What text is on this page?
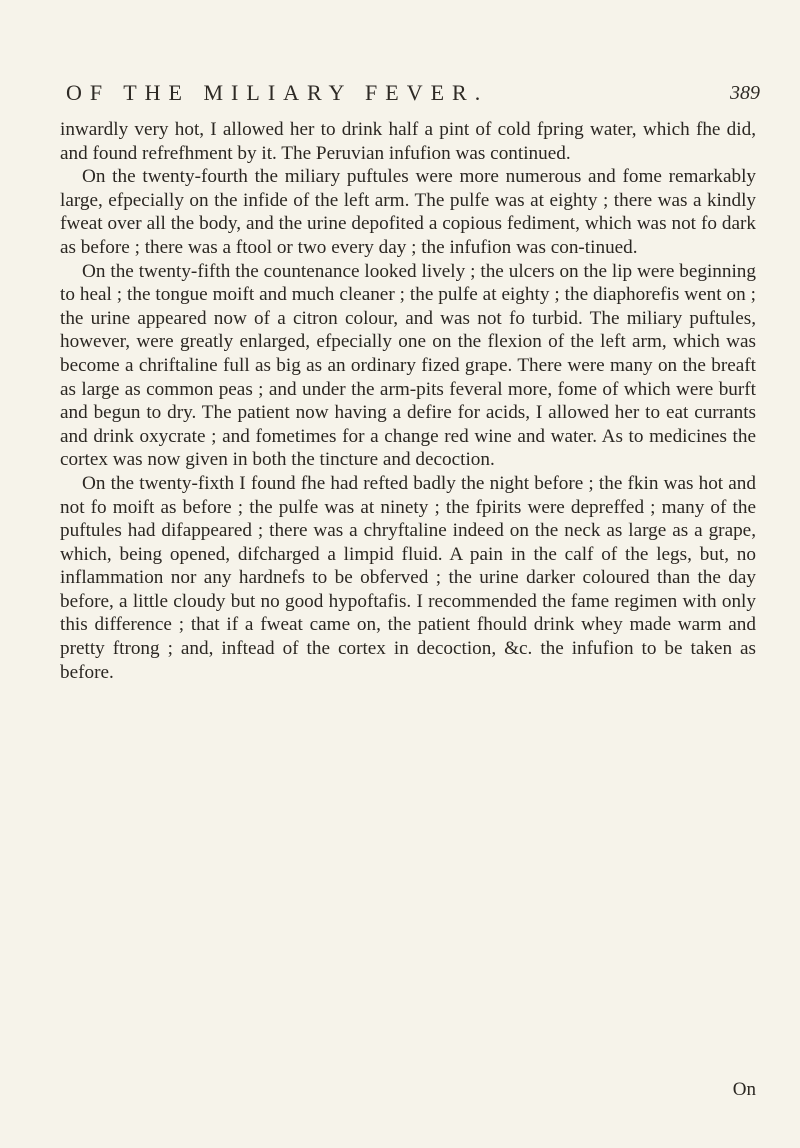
OF THE MILIARY FEVER.	389

inwardly very hot, I allowed her to drink half a pint of cold fpring water, which fhe did, and found refrefhment by it. The Peruvian infufion was continued.

On the twenty-fourth the miliary puftules were more numerous and fome remarkably large, efpecially on the infide of the left arm. The pulfe was at eighty ; there was a kindly fweat over all the body, and the urine depofited a copious fediment, which was not fo dark as before ; there was a ftool or two every day ; the infufion was con-tinued.

On the twenty-fifth the countenance looked lively ; the ulcers on the lip were beginning to heal ; the tongue moift and much cleaner ; the pulfe at eighty ; the diaphorefis went on ; the urine appeared now of a citron colour, and was not fo turbid. The miliary puftules, however, were greatly enlarged, efpecially one on the flexion of the left arm, which was become a chriftaline full as big as an ordinary fized grape. There were many on the breaft as large as common peas ; and under the arm-pits feveral more, fome of which were burft and begun to dry. The patient now having a defire for acids, I allowed her to eat currants and drink oxycrate ; and fometimes for a change red wine and water. As to medicines the cortex was now given in both the tincture and decoction.

On the twenty-fixth I found fhe had refted badly the night before ; the fkin was hot and not fo moift as before ; the pulfe was at ninety ; the fpirits were depreffed ; many of the puftules had difappeared ; there was a chryftaline indeed on the neck as large as a grape, which, being opened, difcharged a limpid fluid. A pain in the calf of the legs, but, no inflammation nor any hardnefs to be obferved ; the urine darker coloured than the day before, a little cloudy but no good hypoftafis. I recommended the fame regimen with only this difference ; that if a fweat came on, the patient fhould drink whey made warm and pretty ftrong ; and, inftead of the cortex in decoction, &c. the infufion to be taken as before.

On
